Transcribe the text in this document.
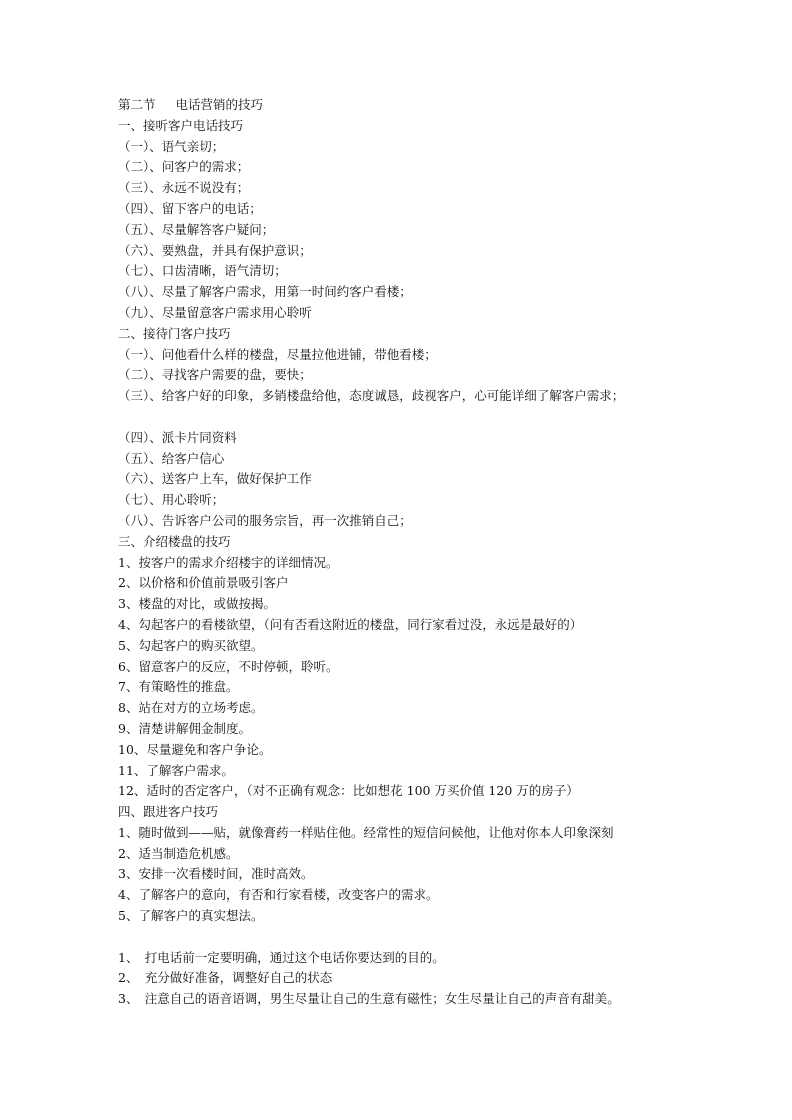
第二节 电话营销的技巧
一、接听客户电话技巧
（一）、语气亲切；
（二）、问客户的需求；
（三）、永远不说没有；
（四）、留下客户的电话；
（五）、尽量解答客户疑问；
（六）、要熟盘，并具有保护意识；
（七）、口齿清晰，语气清切；
（八）、尽量了解客户需求，用第一时间约客户看楼；
（九）、尽量留意客户需求用心聆听
二、接待门客户技巧
（一）、问他看什么样的楼盘，尽量拉他进铺，带他看楼；
（二）、寻找客户需要的盘，要快；
（三）、给客户好的印象，多销楼盘给他，态度诚恳，歧视客户，心可能详细了解客户需求；
（四）、派卡片同资料
（五）、给客户信心
（六）、送客户上车，做好保护工作
（七）、用心聆听；
（八）、告诉客户公司的服务宗旨，再一次推销自己；
三、介绍楼盘的技巧
1、按客户的需求介绍楼宇的详细情况。
2、以价格和价值前景吸引客户
3、楼盘的对比，或做按揭。
4、勾起客户的看楼欲望，（问有否看这附近的楼盘，同行家看过没，永远是最好的）
5、勾起客户的购买欲望。
6、留意客户的反应，不时停顿，聆听。
7、有策略性的推盘。
8、站在对方的立场考虑。
9、清楚讲解佣金制度。
10、尽量避免和客户争论。
11、了解客户需求。
12、适时的否定客户，（对不正确有观念：比如想花 100 万买价值 120 万的房子）
四、跟进客户技巧
1、随时做到——贴，就像膏药一样贴住他。经常性的短信问候他，让他对你本人印象深刻
2、适当制造危机感。
3、安排一次看楼时间，准时高效。
4、了解客户的意向，有否和行家看楼，改变客户的需求。
5、了解客户的真实想法。
1、　打电话前一定要明确，通过这个电话你要达到的目的。
2、　充分做好准备，调整好自己的状态
3、　注意自己的语音语调，男生尽量让自己的生意有磁性；女生尽量让自己的声音有甜美。
